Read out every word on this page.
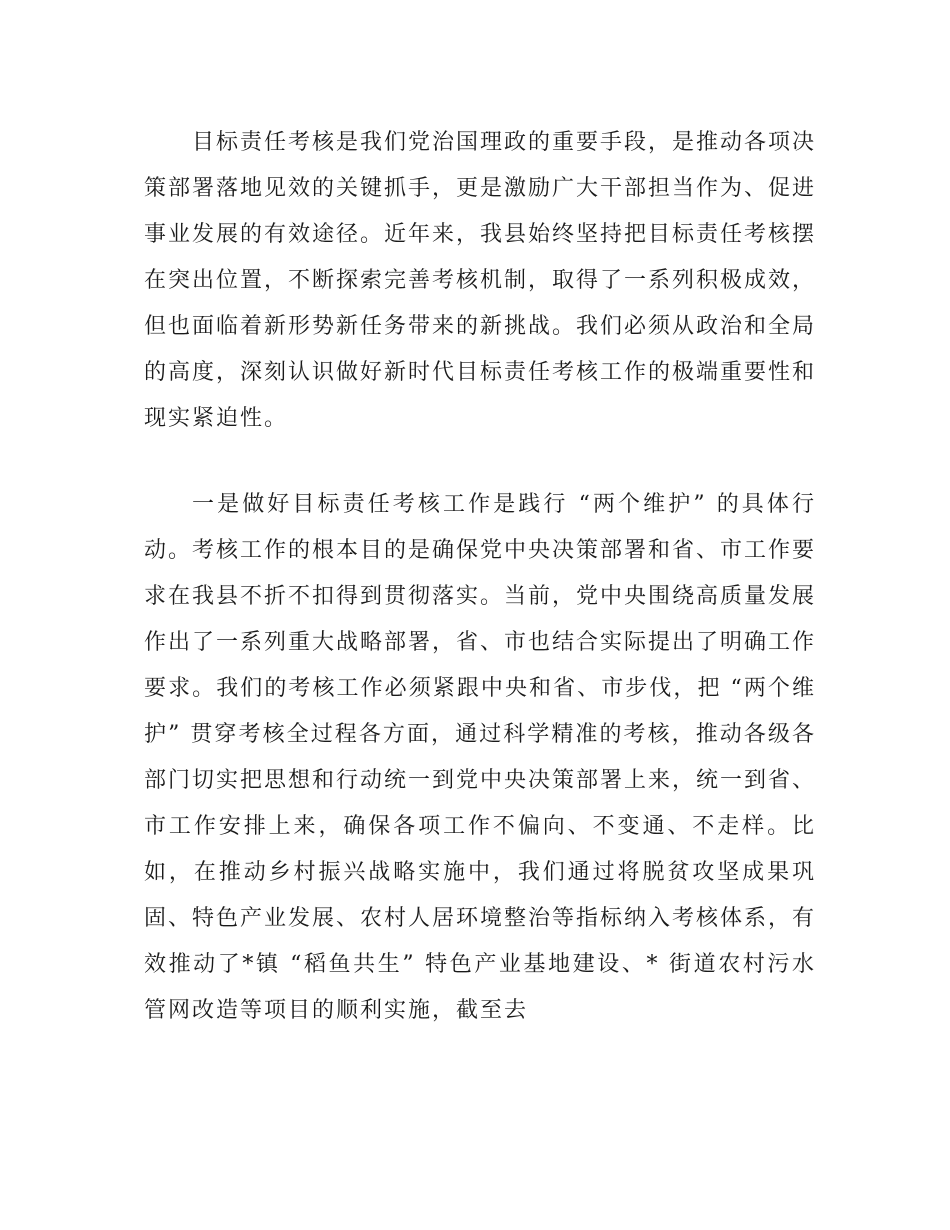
目标责任考核是我们党治国理政的重要手段，是推动各项决策部署落地见效的关键抓手，更是激励广大干部担当作为、促进事业发展的有效途径。近年来，我县始终坚持把目标责任考核摆在突出位置，不断探索完善考核机制，取得了一系列积极成效，但也面临着新形势新任务带来的新挑战。我们必须从政治和全局的高度，深刻认识做好新时代目标责任考核工作的极端重要性和现实紧迫性。

一是做好目标责任考核工作是践行 “两个维护” 的具体行动。考核工作的根本目的是确保党中央决策部署和省、市工作要求在我县不折不扣得到贯彻落实。当前，党中央围绕高质量发展作出了一系列重大战略部署，省、市也结合实际提出了明确工作要求。我们的考核工作必须紧跟中央和省、市步伐，把 “两个维护” 贯穿考核全过程各方面，通过科学精准的考核，推动各级各部门切实把思想和行动统一到党中央决策部署上来，统一到省、市工作安排上来，确保各项工作不偏向、不变通、不走样。比如，在推动乡村振兴战略实施中，我们通过将脱贫攻坚成果巩固、特色产业发展、农村人居环境整治等指标纳入考核体系，有效推动了*镇 “稻鱼共生” 特色产业基地建设、* 街道农村污水管网改造等项目的顺利实施，截至去
